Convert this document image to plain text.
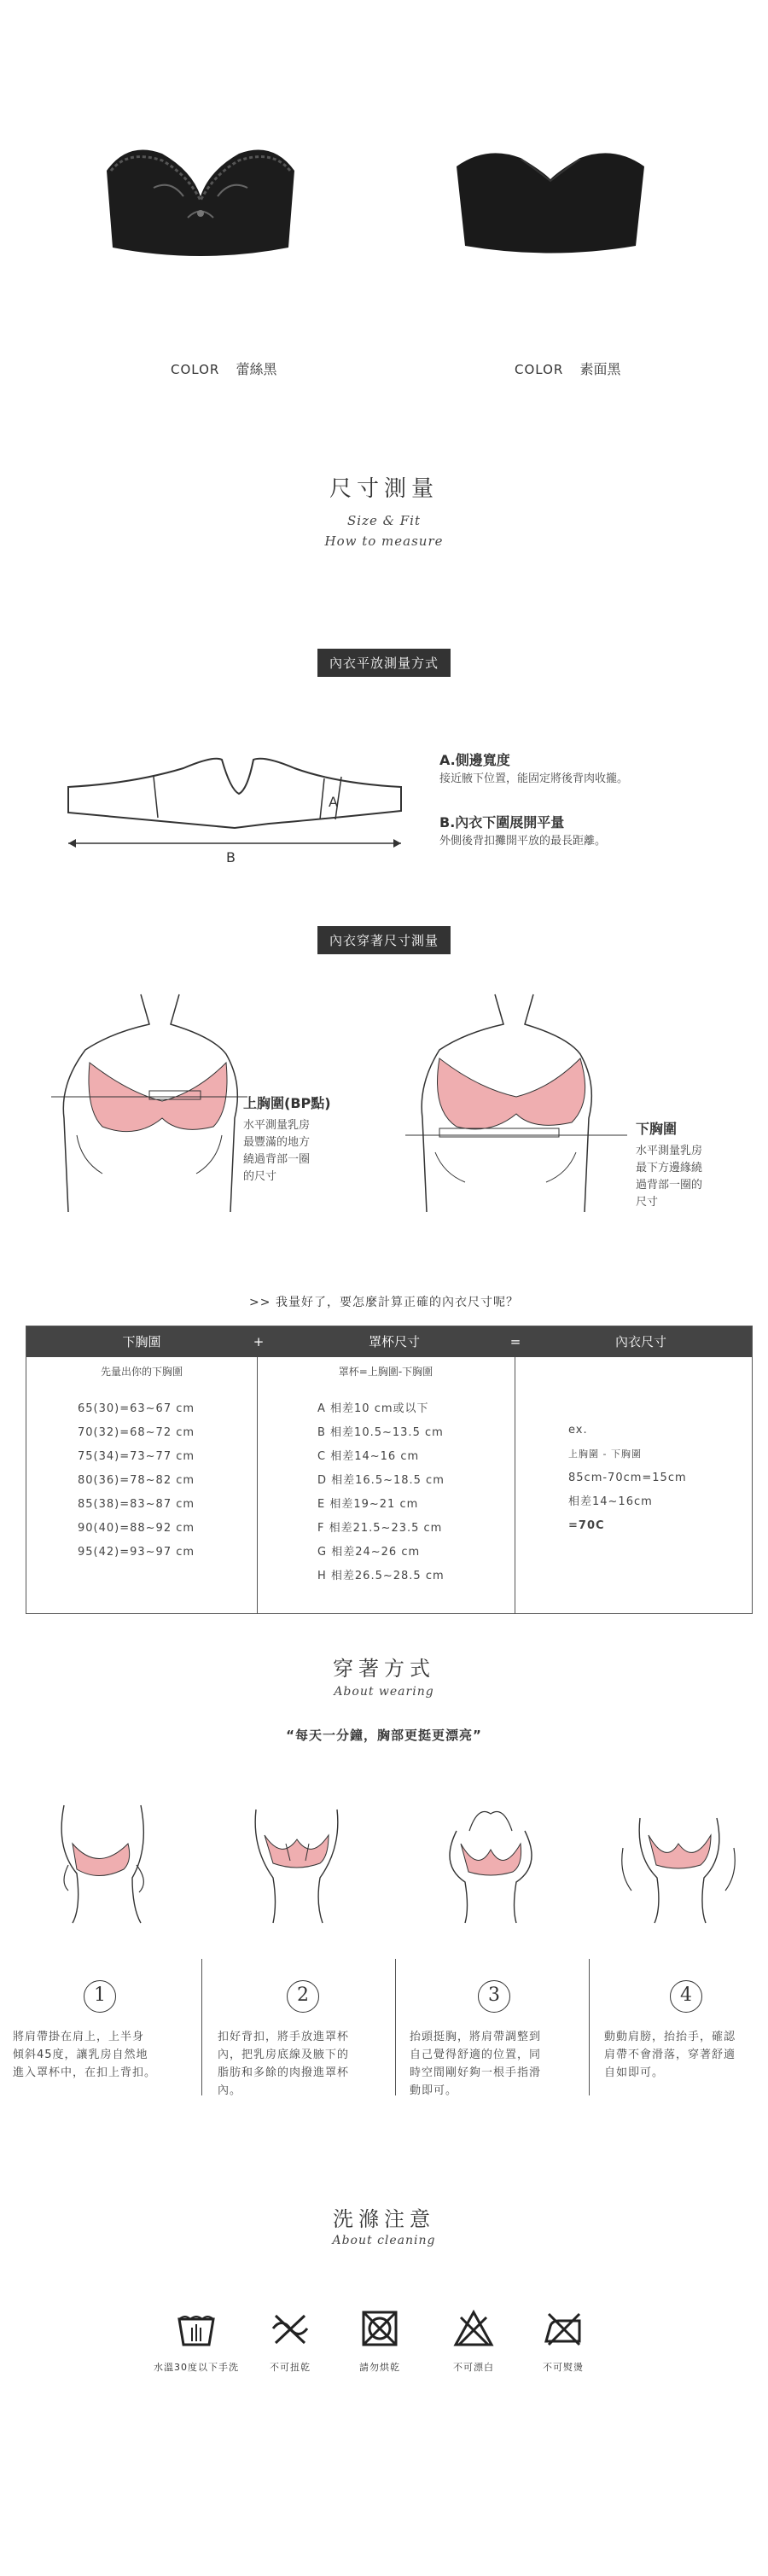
COLOR 蕾絲黑	COLOR 素面黑
尺寸測量
Size & Fit
How to measure
內衣平放測量方式
A
B
A.側邊寬度
接近腋下位置，能固定將後背肉收攏。
B.內衣下圍展開平量
外側後背扣攤開平放的最長距離。
內衣穿著尺寸測量
上胸圍(BP點)
水平測量乳房
最豐滿的地方
繞過背部一圈
的尺寸
下胸圍
水平測量乳房
最下方邊緣繞
過背部一圈的
尺寸
>> 我量好了，要怎麼計算正確的內衣尺寸呢？
下胸圍	+	罩杯尺寸	=	內衣尺寸
先量出你的下胸圍
65(30)=63~67 cm
70(32)=68~72 cm
75(34)=73~77 cm
80(36)=78~82 cm
85(38)=83~87 cm
90(40)=88~92 cm
95(42)=93~97 cm
罩杯=上胸圍-下胸圍
A 相差10 cm或以下
B 相差10.5~13.5 cm
C 相差14~16 cm
D 相差16.5~18.5 cm
E 相差19~21 cm
F 相差21.5~23.5 cm
G 相差24~26 cm
H 相差26.5~28.5 cm
ex.
上胸圍 - 下胸圍
85cm-70cm=15cm
相差14~16cm
=70C
穿著方式
About wearing
“每天一分鐘，胸部更挺更漂亮”
1
將肩帶掛在肩上，上半身
傾斜45度，讓乳房自然地
進入罩杯中，在扣上背扣。
2
扣好背扣，將手放進罩杯
內，把乳房底線及腋下的
脂肪和多餘的肉撥進罩杯
內。
3
抬頭挺胸，將肩帶調整到
自己覺得舒適的位置，同
時空間剛好夠一根手指滑
動即可。
4
動動肩膀，抬抬手，確認
肩帶不會滑落，穿著舒適
自如即可。
洗滌注意
About cleaning
水溫30度以下手洗	不可扭乾	請勿烘乾	不可漂白	不可熨燙
